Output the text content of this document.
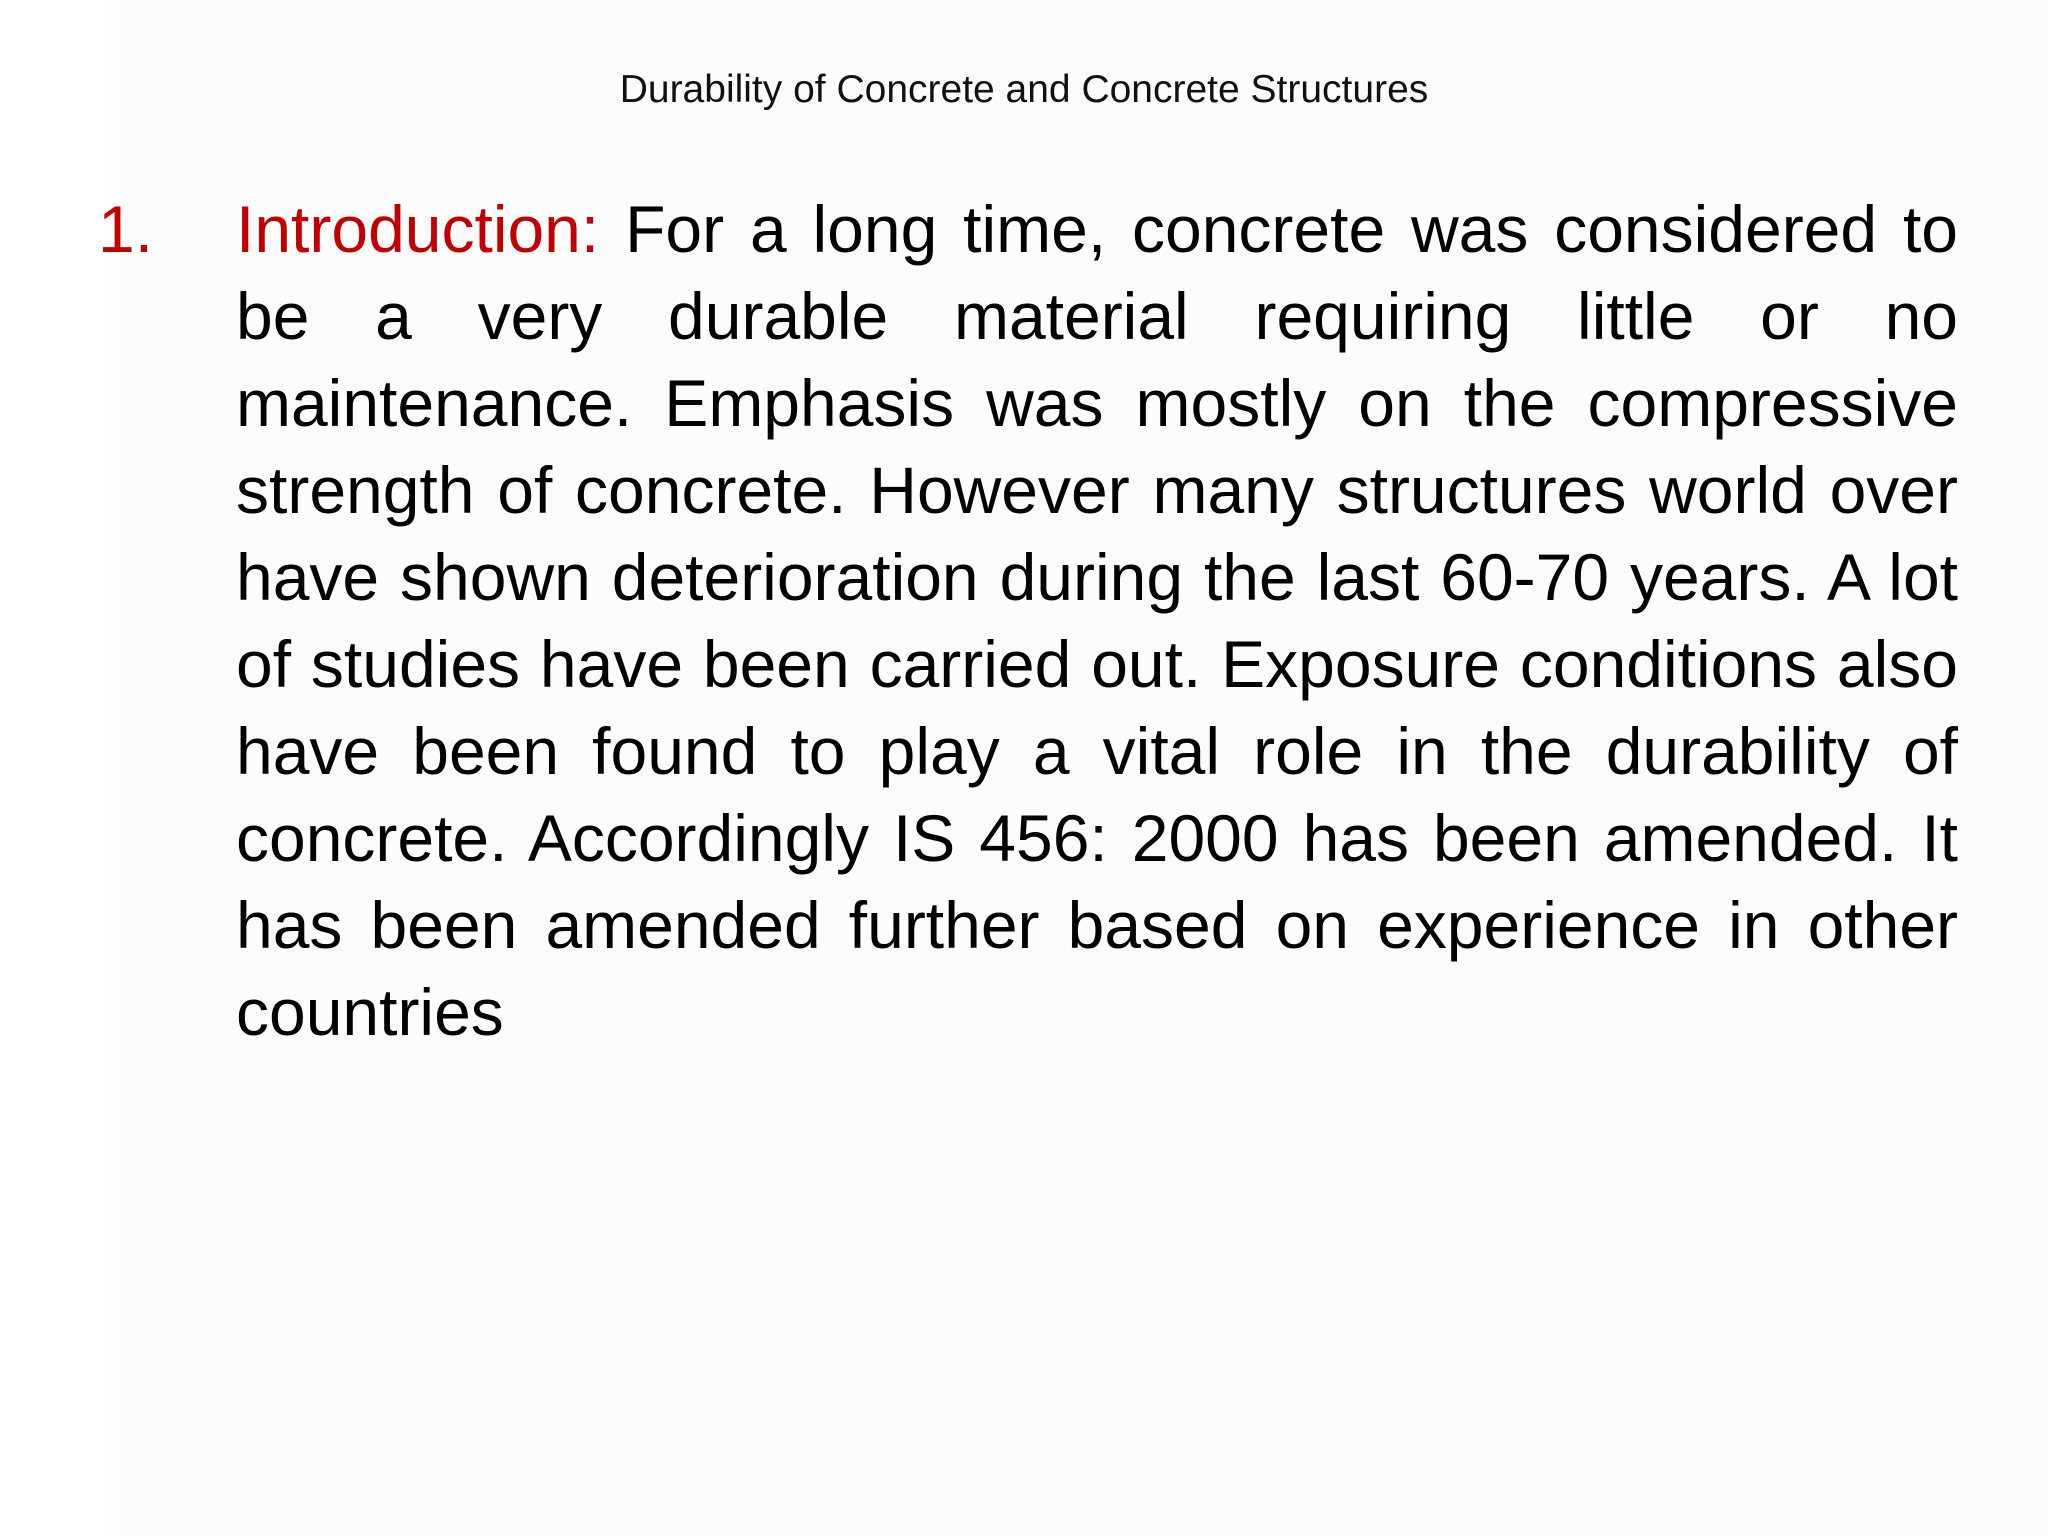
Durability of Concrete and Concrete Structures
1. Introduction: For a long time, concrete was considered to be a very durable material requiring little or no maintenance. Emphasis was mostly on the compressive strength of concrete. However many structures world over have shown deterioration during the last 60-70 years. A lot of studies have been carried out. Exposure conditions also have been found to play a vital role in the durability of concrete. Accordingly IS 456: 2000 has been amended. It has been amended further based on experience in other countries
